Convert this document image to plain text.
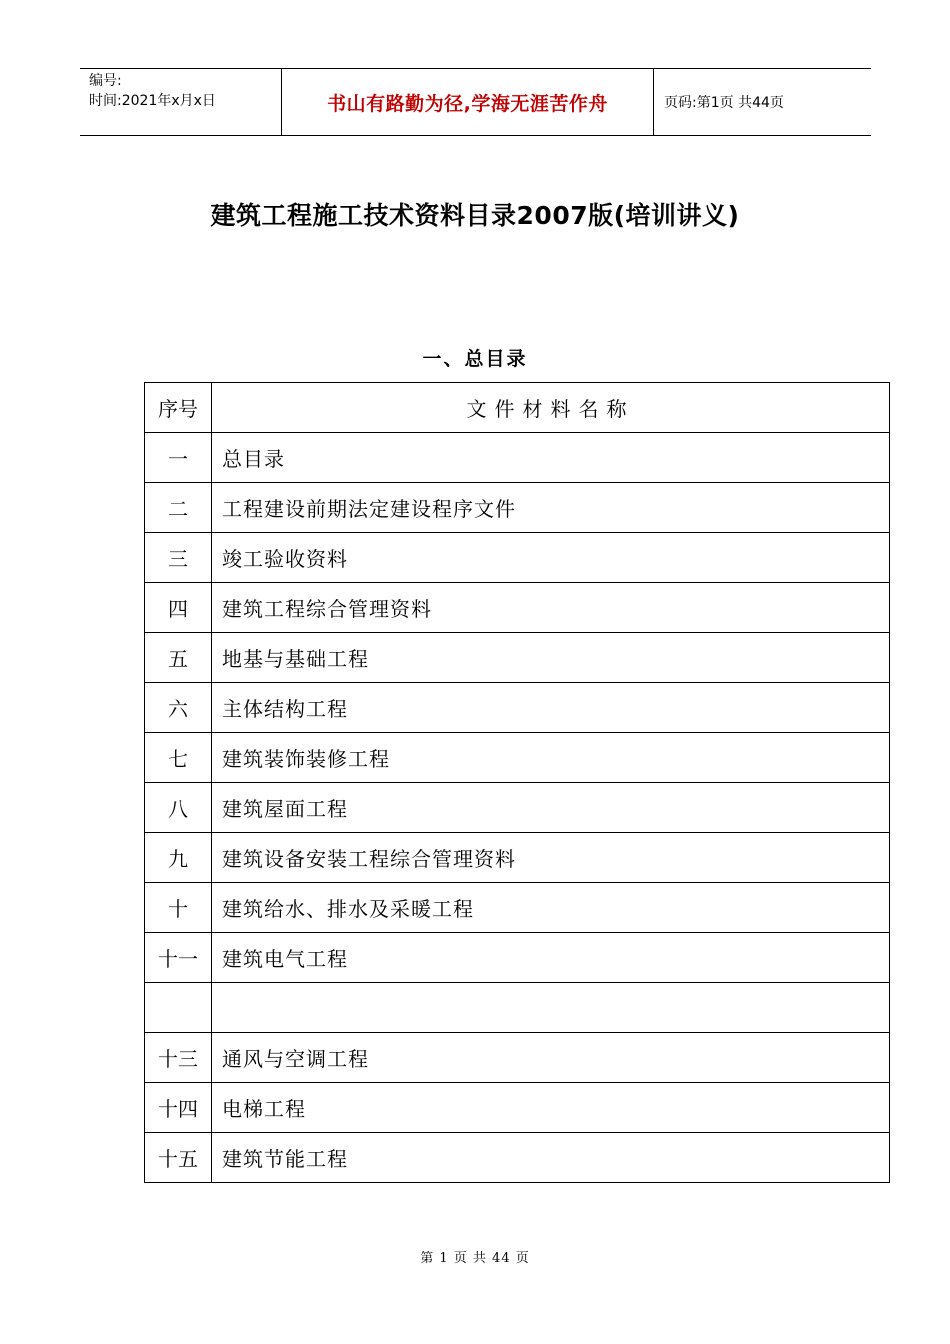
编号:
时间:2021年x月x日	书山有路勤为径,学海无涯苦作舟	页码:第1页 共44页
建筑工程施工技术资料目录2007版(培训讲义)
一、总目录
序号	文件材料名称
一	总目录
二	工程建设前期法定建设程序文件
三	竣工验收资料
四	建筑工程综合管理资料
五	地基与基础工程
六	主体结构工程
七	建筑装饰装修工程
八	建筑屋面工程
九	建筑设备安装工程综合管理资料
十	建筑给水、排水及采暖工程
十一	建筑电气工程

十三	通风与空调工程
十四	电梯工程
十五	建筑节能工程
第 1 页 共 44 页
